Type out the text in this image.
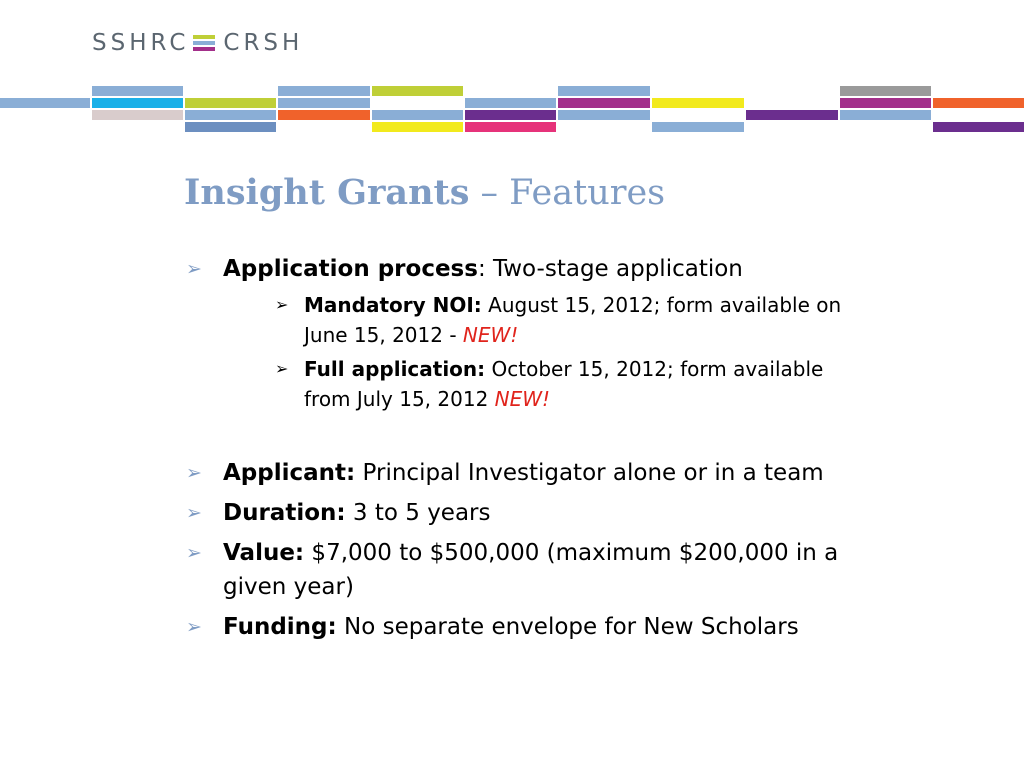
SSHRC CRSH
Insight Grants – Features
➢ Application process: Two-stage application
➢ Mandatory NOI: August 15, 2012; form available on June 15, 2012 - NEW!
➢ Full application: October 15, 2012; form available from July 15, 2012 NEW!
➢ Applicant: Principal Investigator alone or in a team
➢ Duration: 3 to 5 years
➢ Value: $7,000 to $500,000 (maximum $200,000 in a given year)
➢ Funding: No separate envelope for New Scholars
